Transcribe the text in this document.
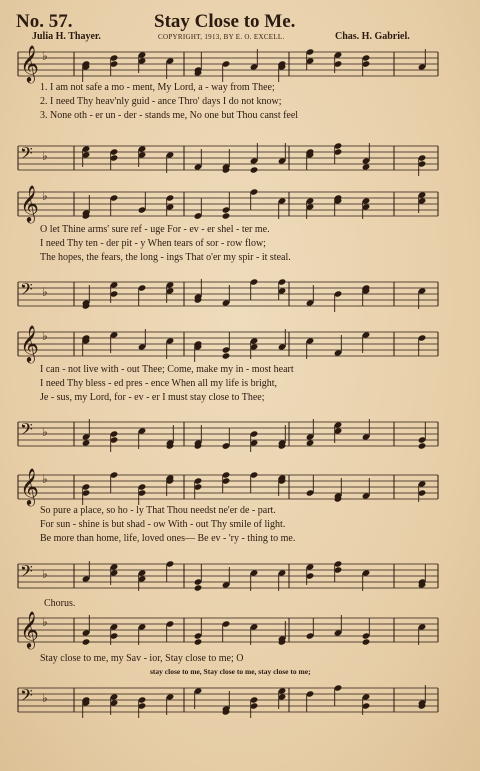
No. 57.	Stay Close to Me.
Julia H. Thayer.	COPYRIGHT, 1913, BY E. O. EXCELL.	Chas. H. Gabriel.
𝄞 ♭
1. I am not safe a mo - ment, My Lord, a - way from Thee;
2. I need Thy heav'nly guid - ance Thro' days I do not know;
3. None oth - er un - der - stands me, No one but Thou canst feel
𝄢 ♭
𝄞 ♭
O let Thine arms' sure ref - uge For - ev - er shel - ter me.
I need Thy ten - der pit - y When tears of sor - row flow;
The hopes, the fears, the long - ings That o'er my spir - it steal.
𝄢 ♭
𝄞 ♭
I can - not live with - out Thee; Come, make my in - most heart
I need Thy bless - ed pres - ence When all my life is bright,
Je - sus, my Lord, for - ev - er I must stay close to Thee;
𝄢 ♭
𝄞 ♭
So pure a place, so ho - ly That Thou needst ne'er de - part.
For sun - shine is but shad - ow With - out Thy smile of light.
Be more than home, life, loved ones— Be ev - 'ry - thing to me.
𝄢 ♭
Chorus.
𝄞 ♭
Stay close to me, my Sav - ior, Stay close to me; O
stay close to me, Stay close to me, stay close to me;
𝄢 ♭
